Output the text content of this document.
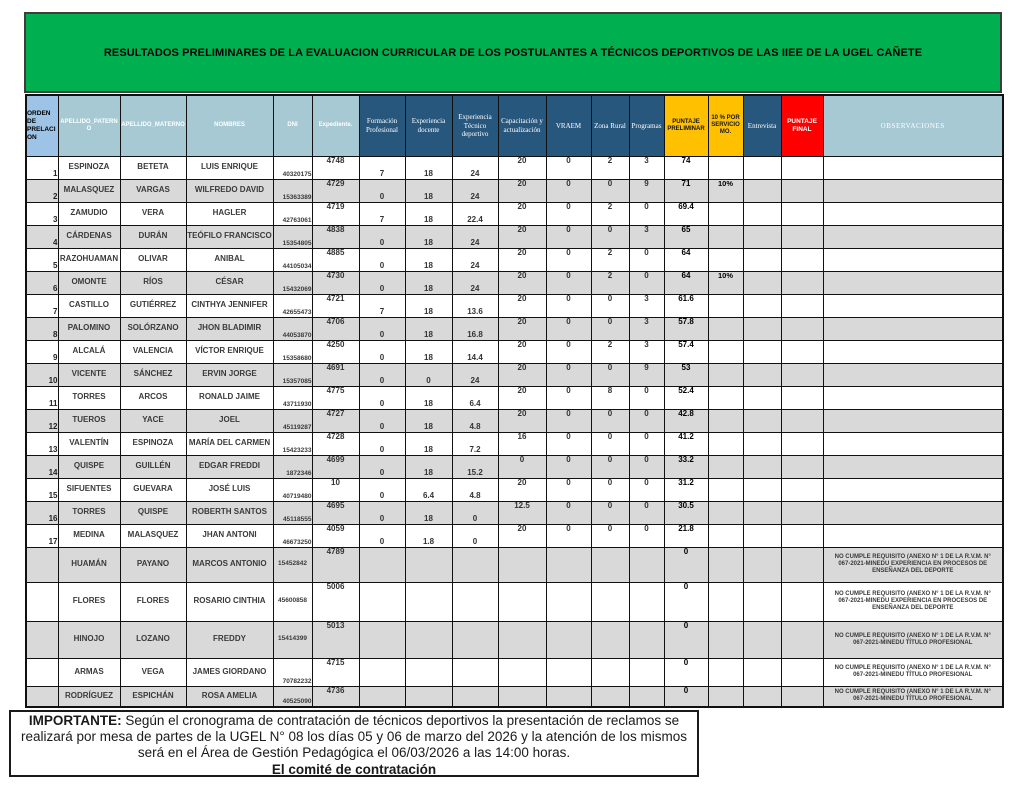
RESULTADOS PRELIMINARES DE LA EVALUACION CURRICULAR DE LOS POSTULANTES A TÉCNICOS DEPORTIVOS DE LAS IIEE DE LA UGEL CAÑETE
ORDEN DE PRELACION	APELLIDO_PATERNO	APELLIDO_MATERNO	NOMBRES	DNI	Expediente.	Formación Profesional	Experiencia docente	Experiencia Técnico deportivo	Capacitación y actualización	VRAEM	Zona Rural	Programas	PUNTAJE PRELIMINAR	10 % POR SERVICIO MO.	Entrevista	PUNTAJE FINAL	OBSERVACIONES
1	ESPINOZA	BETETA	LUIS ENRIQUE	40320175	4748	7	18	24	20	0	2	3	74				
2	MALASQUEZ	VARGAS	WILFREDO DAVID	15363389	4729	0	18	24	20	0	0	9	71	10%			
3	ZAMUDIO	VERA	HAGLER	42763061	4719	7	18	22.4	20	0	2	0	69.4				
4	CÁRDENAS	DURÁN	TEÓFILO FRANCISCO	15354805	4838	0	18	24	20	0	0	3	65				
5	RAZOHUAMAN	OLIVAR	ANIBAL	44105034	4885	0	18	24	20	0	2	0	64				
6	OMONTE	RÍOS	CÉSAR	15432069	4730	0	18	24	20	0	2	0	64	10%			
7	CASTILLO	GUTIÉRREZ	CINTHYA JENNIFER	42655473	4721	7	18	13.6	20	0	0	3	61.6				
8	PALOMINO	SOLÓRZANO	JHON BLADIMIR	44053870	4706	0	18	16.8	20	0	0	3	57.8				
9	ALCALÁ	VALENCIA	VÍCTOR ENRIQUE	15358680	4250	0	18	14.4	20	0	2	3	57.4				
10	VICENTE	SÁNCHEZ	ERVIN JORGE	15357085	4691	0	0	24	20	0	0	9	53				
11	TORRES	ARCOS	RONALD JAIME	43711930	4775	0	18	6.4	20	0	8	0	52.4				
12	TUEROS	YACE	JOEL	45119287	4727	0	18	4.8	20	0	0	0	42.8				
13	VALENTÍN	ESPINOZA	MARÍA DEL CARMEN	15423233	4728	0	18	7.2	16	0	0	0	41.2				
14	QUISPE	GUILLÉN	EDGAR FREDDI	1872346	4699	0	18	15.2	0	0	0	0	33.2				
15	SIFUENTES	GUEVARA	JOSÉ LUIS	40719480	10	0	6.4	4.8	20	0	0	0	31.2				
16	TORRES	QUISPE	ROBERTH SANTOS	45118555	4695	0	18	0	12.5	0	0	0	30.5				
17	MEDINA	MALASQUEZ	JHAN ANTONI	46673250	4059	0	1.8	0	20	0	0	0	21.8				
	HUAMÁN	PAYANO	MARCOS ANTONIO	15452842	4789								0				NO CUMPLE REQUISITO (ANEXO N° 1 DE LA R.V.M. N° 067-2021-MINEDU EXPERIENCIA EN PROCESOS DE ENSEÑANZA DEL DEPORTE

	FLORES	FLORES	ROSARIO CINTHIA	45600858	5006								0				NO CUMPLE REQUISITO (ANEXO N° 1 DE LA R.V.M. N° 067-2021-MINEDU EXPERIENCIA EN PROCESOS DE ENSEÑANZA DEL DEPORTE

	HINOJO	LOZANO	FREDDY	15414399	5013								0				NO CUMPLE REQUISITO (ANEXO N° 1 DE LA R.V.M. N° 067-2021-MINEDU TÍTULO PROFESIONAL

	ARMAS	VEGA	JAMES GIORDANO	70782232	4715								0				NO CUMPLE REQUISITO (ANEXO N° 1 DE LA R.V.M. N° 067-2021-MINEDU TÍTULO PROFESIONAL

	RODRÍGUEZ	ESPICHÁN	ROSA AMELIA	40525090	4736								0				NO CUMPLE REQUISITO (ANEXO N° 1 DE LA R.V.M. N° 067-2021-MINEDU TÍTULO PROFESIONAL
IMPORTANTE: Según el cronograma de contratación de técnicos deportivos la presentación de reclamos se realizará por mesa de partes de la UGEL N° 08 los días 05 y 06 de marzo del 2026 y la atención de los mismos será en el Área de Gestión Pedagógica el 06/03/2026 a las 14:00 horas.
El comité de contratación
